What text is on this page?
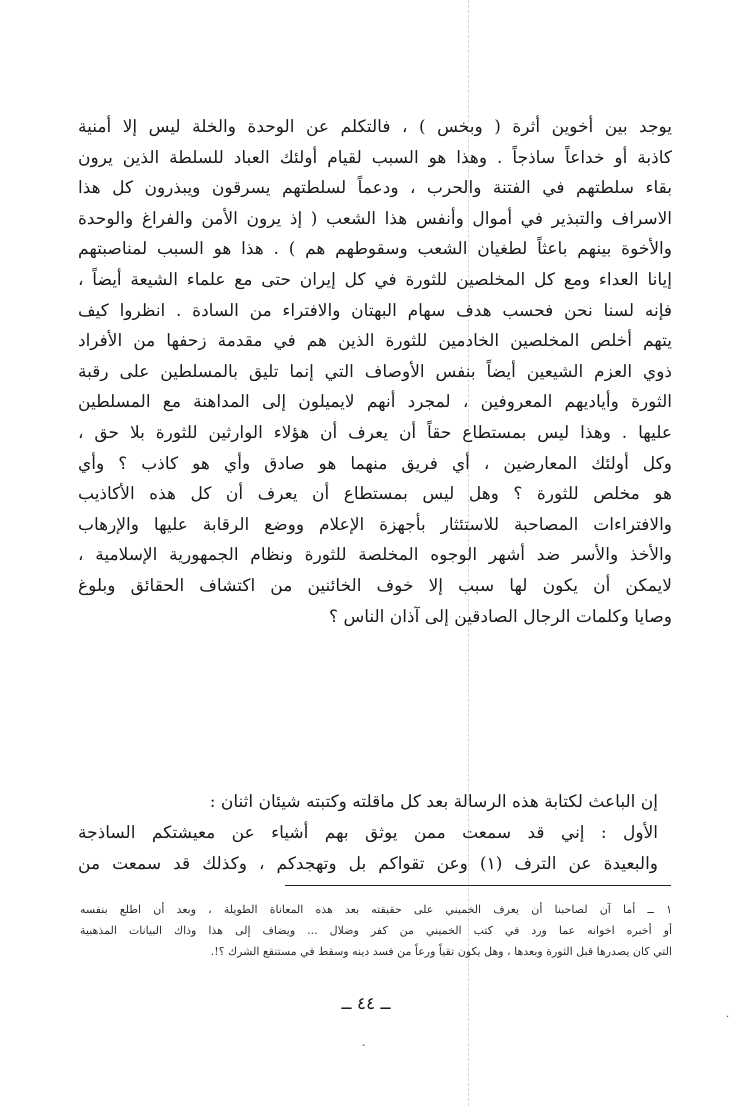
يوجد بين أخوين أثرة ( وبخس ) ، فالتكلم عن الوحدة والخلة ليس إلا أمنية
كاذبة أو خداعاً ساذجاً . وهذا هو السبب لقيام أولئك العباد للسلطة الذين يرون
بقاء سلطتهم في الفتنة والحرب ، ودعماً لسلطتهم يسرقون ويبذرون كل هذا
الاسراف والتبذير في أموال وأنفس هذا الشعب ( إذ يرون الأمن والفراغ والوحدة
والأخوة بينهم باعثاً لطغيان الشعب وسقوطهم هم ) . هذا هو السبب لمناصبتهم
إيانا العداء ومع كل المخلصين للثورة في كل إيران حتى مع علماء الشيعة أيضاً ،
فإنه لسنا نحن فحسب هدف سهام البهتان والافتراء من السادة . انظروا كيف
يتهم أخلص المخلصين الخادمين للثورة الذين هم في مقدمة زحفها من الأفراد
ذوي العزم الشيعين أيضاً بنفس الأوصاف التي إنما تليق بالمسلطين على رقبة
الثورة وأياديهم المعروفين ، لمجرد أنهم لايميلون إلى المداهنة مع المسلطين
عليها . وهذا ليس بمستطاع حقاً أن يعرف أن هؤلاء الوارثين للثورة بلا حق ،
وكل أولئك المعارضين ، أي فريق منهما هو صادق وأي هو كاذب ؟ وأي
هو مخلص للثورة ؟ وهل ليس بمستطاع أن يعرف أن كل هذه الأكاذيب
والافتراءات المصاحبة للاستئثار بأجهزة الإعلام ووضع الرقابة عليها والإرهاب
والأخذ والأسر ضد أشهر الوجوه المخلصة للثورة ونظام الجمهورية الإسلامية ،
لايمكن أن يكون لها سبب إلا خوف الخائنين من اكتشاف الحقائق وبلوغ
وصايا وكلمات الرجال الصادقين إلى آذان الناس ؟
إن الباعث لكتابة هذه الرسالة بعد كل ماقلته وكتبته شيئان اثنان :
الأول : إني قد سمعت ممن يوثق بهم أشياء عن معيشتكم الساذجة
والبعيدة عن الترف (١) وعن تقواكم بل وتهجدكم ، وكذلك قد سمعت من
١ ــ أما آن لصاحبنا أن يعرف الخميني على حقيقته بعد هذه المعاناة الطويلة ، وبعد أن اطلع بنفسه
أو أخبره اخوانه عما ورد في كتب الخميني من كفر وضلال ... ويضاف إلى هذا وذاك البيانات المذهبية
التي كان يصدرها قبل الثورة وبعدها ، وهل يكون تقياً ورعاً من فسد دينه وسقط في مستنقع الشرك ؟!.
ــ ٤٤ ــ
·
-
